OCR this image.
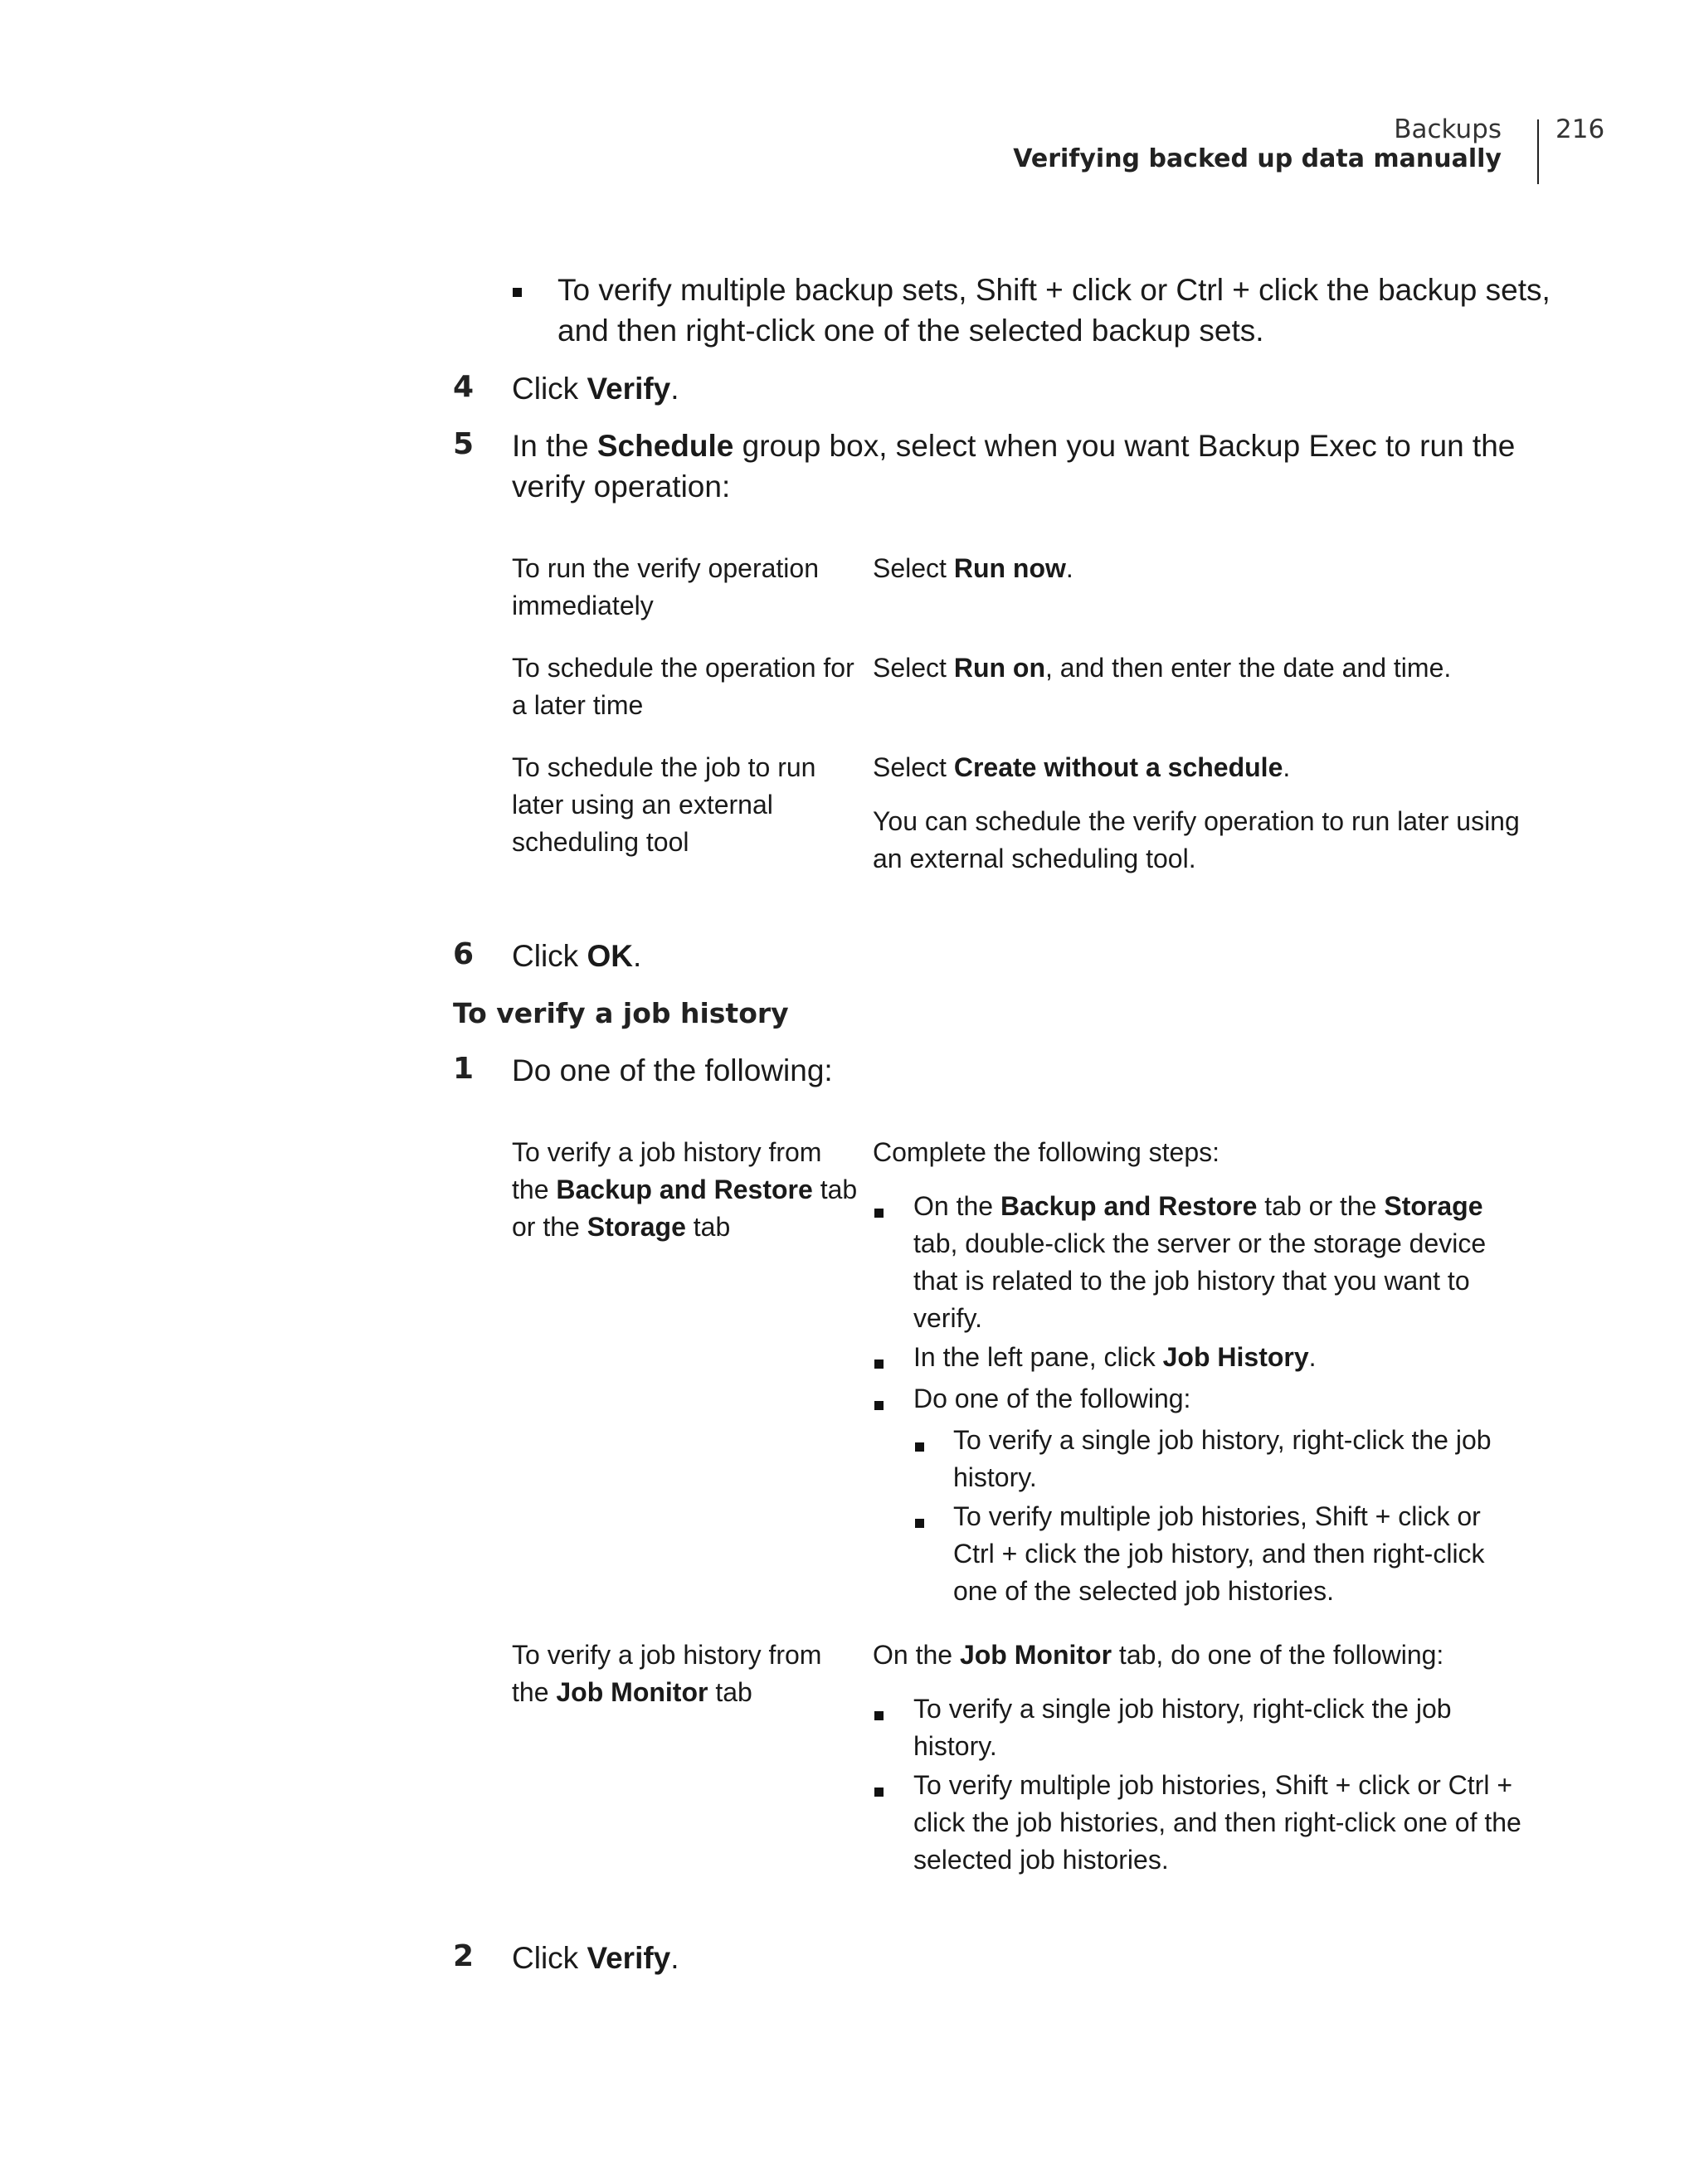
Backups
Verifying backed up data manually
216
To verify multiple backup sets, Shift + click or Ctrl + click the backup sets,
and then right-click one of the selected backup sets.
4 Click Verify.
5 In the Schedule group box, select when you want Backup Exec to run the
verify operation:
To run the verify operation
immediately
Select Run now.
To schedule the operation for
a later time
Select Run on, and then enter the date and time.
To schedule the job to run
later using an external
scheduling tool
Select Create without a schedule.
You can schedule the verify operation to run later using
an external scheduling tool.
6 Click OK.
To verify a job history
1 Do one of the following:
To verify a job history from
the Backup and Restore tab
or the Storage tab
Complete the following steps:
On the Backup and Restore tab or the Storage
tab, double-click the server or the storage device
that is related to the job history that you want to
verify.
In the left pane, click Job History.
Do one of the following:
To verify a single job history, right-click the job
history.
To verify multiple job histories, Shift + click or
Ctrl + click the job history, and then right-click
one of the selected job histories.
To verify a job history from
the Job Monitor tab
On the Job Monitor tab, do one of the following:
To verify a single job history, right-click the job
history.
To verify multiple job histories, Shift + click or Ctrl +
click the job histories, and then right-click one of the
selected job histories.
2 Click Verify.
